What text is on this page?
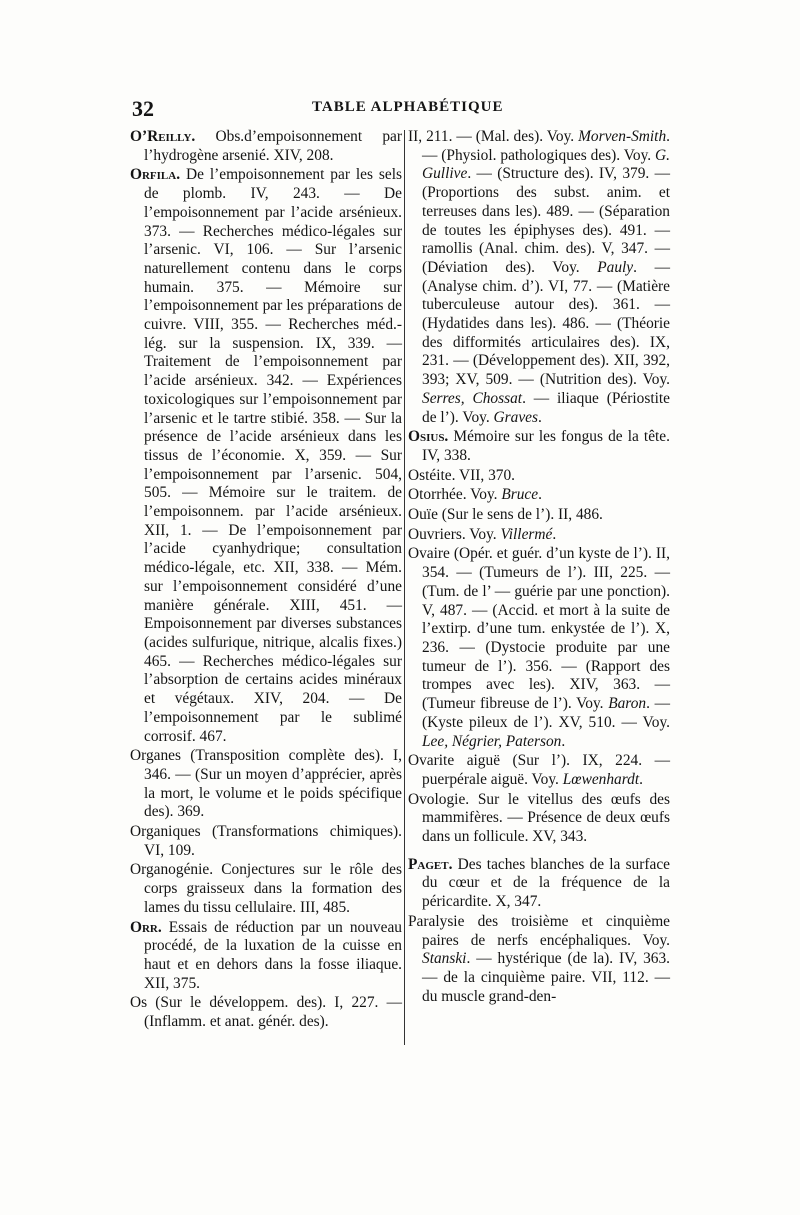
32	TABLE ALPHABÉTIQUE

O’Reilly. Obs.d’empoisonnement par l’hydrogène arsenié. XIV, 208.

Orfila. De l’empoisonnement par les sels de plomb. IV, 243. — De l’empoisonnement par l’acide arsénieux. 373. — Recherches médico-légales sur l’arsenic. VI, 106. — Sur l’arsenic naturellement contenu dans le corps humain. 375. — Mémoire sur l’empoisonnement par les préparations de cuivre. VIII, 355. — Recherches méd.-lég. sur la suspension. IX, 339. — Traitement de l’empoisonnement par l’acide arsénieux. 342. — Expériences toxicologiques sur l’empoisonnement par l’arsenic et le tartre stibié. 358. — Sur la présence de l’acide arsénieux dans les tissus de l’économie. X, 359. — Sur l’empoisonnement par l’arsenic. 504, 505. — Mémoire sur le traitem. de l’empoisonnem. par l’acide arsénieux. XII, 1. — De l’empoisonnement par l’acide cyanhydrique; consultation médico-légale, etc. XII, 338. — Mém. sur l’empoisonnement considéré d’une manière générale. XIII, 451. — Empoisonnement par diverses substances (acides sulfurique, nitrique, alcalis fixes.) 465. — Recherches médico-légales sur l’absorption de certains acides minéraux et végétaux. XIV, 204. — De l’empoisonnement par le sublimé corrosif. 467.

Organes (Transposition complète des). I, 346. — (Sur un moyen d’apprécier, après la mort, le volume et le poids spécifique des). 369.

Organiques (Transformations chimiques). VI, 109.

Organogénie. Conjectures sur le rôle des corps graisseux dans la formation des lames du tissu cellulaire. III, 485.

Orr. Essais de réduction par un nouveau procédé, de la luxation de la cuisse en haut et en dehors dans la fosse iliaque. XII, 375.

Os (Sur le développem. des). I, 227. — (Inflamm. et anat. génér. des).

II, 211. — (Mal. des). Voy. Morven-Smith. — (Physiol. pathologiques des). Voy. G. Gullive. — (Structure des). IV, 379. — (Proportions des subst. anim. et terreuses dans les). 489. — (Séparation de toutes les épiphyses des). 491. — ramollis (Anal. chim. des). V, 347. — (Déviation des). Voy. Pauly. — (Analyse chim. d’). VI, 77. — (Matière tuberculeuse autour des). 361. — (Hydatides dans les). 486. — (Théorie des difformités articulaires des). IX, 231. — (Développement des). XII, 392, 393; XV, 509. — (Nutrition des). Voy. Serres, Chossat. — iliaque (Périostite de l’). Voy. Graves.

Osius. Mémoire sur les fongus de la tête. IV, 338.

Ostéite. VII, 370.

Otorrhée. Voy. Bruce.

Ouïe (Sur le sens de l’). II, 486.

Ouvriers. Voy. Villermé.

Ovaire (Opér. et guér. d’un kyste de l’). II, 354. — (Tumeurs de l’). III, 225. — (Tum. de l’ — guérie par une ponction). V, 487. — (Accid. et mort à la suite de l’extirp. d’une tum. enkystée de l’). X, 236. — (Dystocie produite par une tumeur de l’). 356. — (Rapport des trompes avec les). XIV, 363. — (Tumeur fibreuse de l’). Voy. Baron. — (Kyste pileux de l’). XV, 510. — Voy. Lee, Négrier, Paterson.

Ovarite aiguë (Sur l’). IX, 224. — puerpérale aiguë. Voy. Lœwenhardt.

Ovologie. Sur le vitellus des œufs des mammifères. — Présence de deux œufs dans un follicule. XV, 343.

Paget. Des taches blanches de la surface du cœur et de la fréquence de la péricardite. X, 347.

Paralysie des troisième et cinquième paires de nerfs encéphaliques. Voy. Stanski. — hystérique (de la). IV, 363. — de la cinquième paire. VII, 112. — du muscle grand-den-
